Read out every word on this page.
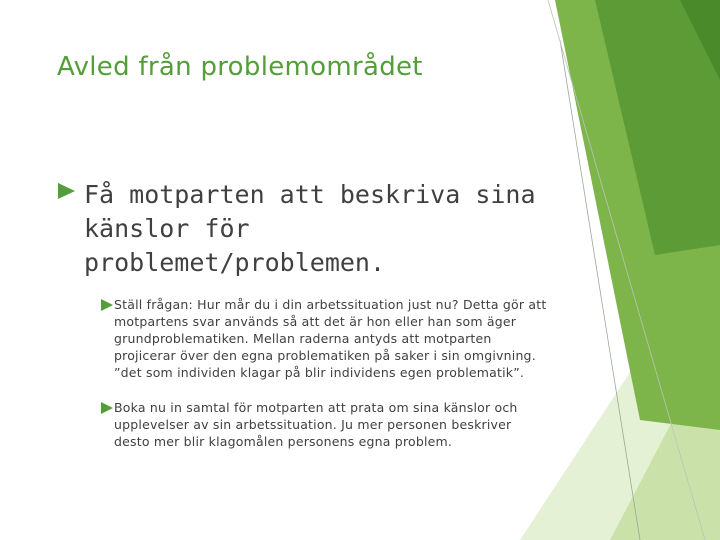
Avled från problemområdet

Få motparten att beskriva sina känslor för problemet/problemen.

Ställ frågan: Hur mår du i din arbetssituation just nu? Detta gör att motpartens svar används så att det är hon eller han som äger grundproblematiken. Mellan raderna antyds att motparten projicerar över den egna problematiken på saker i sin omgivning. ”det som individen klagar på blir individens egen problematik”.

Boka nu in samtal för motparten att prata om sina känslor och upplevelser av sin arbetssituation. Ju mer personen beskriver desto mer blir klagomålen personens egna problem.
